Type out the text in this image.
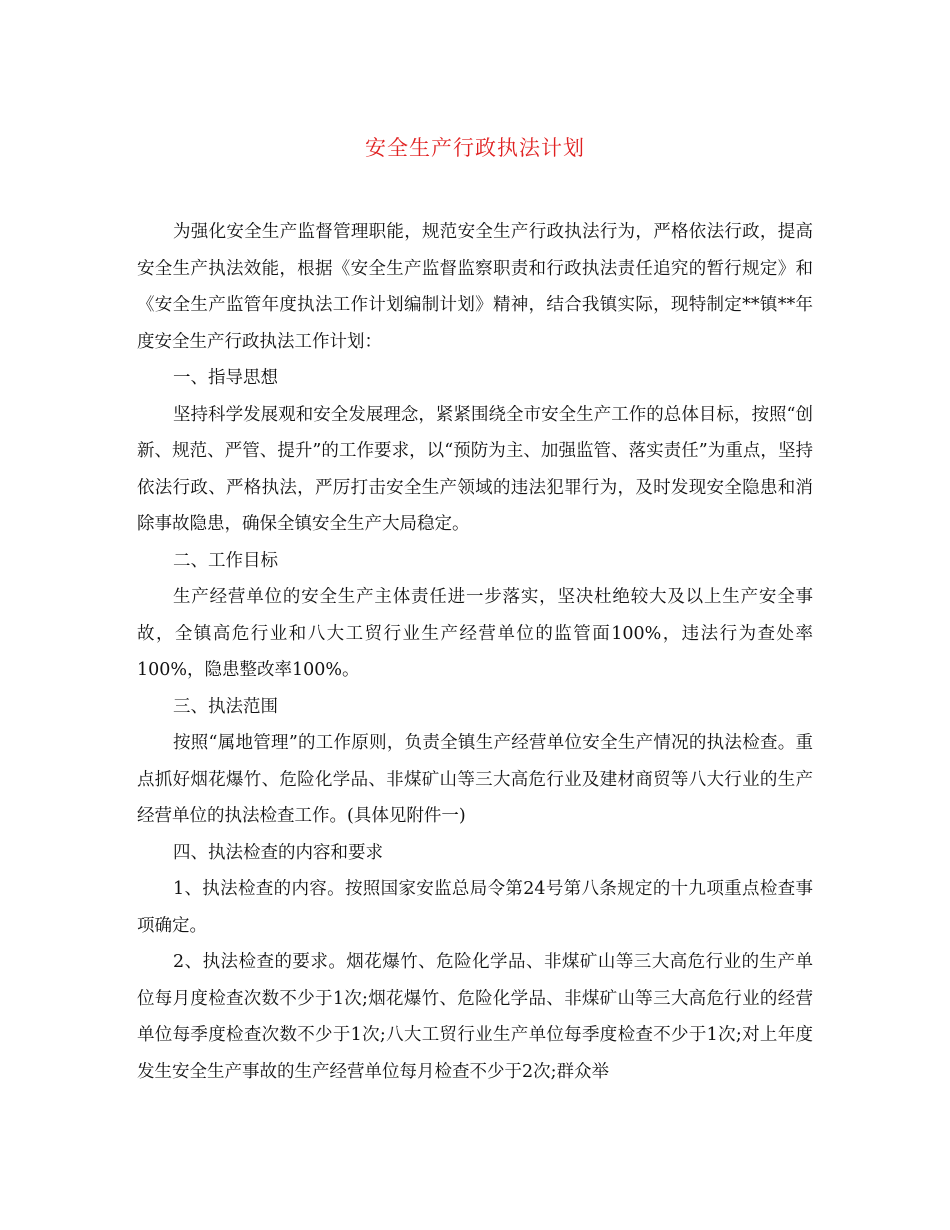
安全生产行政执法计划

为强化安全生产监督管理职能，规范安全生产行政执法行为，严格依法行政，提高安全生产执法效能，根据《安全生产监督监察职责和行政执法责任追究的暂行规定》和《安全生产监管年度执法工作计划编制计划》精神，结合我镇实际，现特制定**镇**年度安全生产行政执法工作计划：

一、指导思想

坚持科学发展观和安全发展理念，紧紧围绕全市安全生产工作的总体目标，按照“创新、规范、严管、提升”的工作要求，以“预防为主、加强监管、落实责任”为重点，坚持依法行政、严格执法，严厉打击安全生产领域的违法犯罪行为，及时发现安全隐患和消除事故隐患，确保全镇安全生产大局稳定。

二、工作目标

生产经营单位的安全生产主体责任进一步落实，坚决杜绝较大及以上生产安全事故，全镇高危行业和八大工贸行业生产经营单位的监管面100%，违法行为查处率100%，隐患整改率100%。

三、执法范围

按照“属地管理”的工作原则，负责全镇生产经营单位安全生产情况的执法检查。重点抓好烟花爆竹、危险化学品、非煤矿山等三大高危行业及建材商贸等八大行业的生产经营单位的执法检查工作。(具体见附件一)

四、执法检查的内容和要求

1、执法检查的内容。按照国家安监总局令第24号第八条规定的十九项重点检查事项确定。

2、执法检查的要求。烟花爆竹、危险化学品、非煤矿山等三大高危行业的生产单位每月度检查次数不少于1次;烟花爆竹、危险化学品、非煤矿山等三大高危行业的经营单位每季度检查次数不少于1次;八大工贸行业生产单位每季度检查不少于1次;对上年度发生安全生产事故的生产经营单位每月检查不少于2次;群众举
